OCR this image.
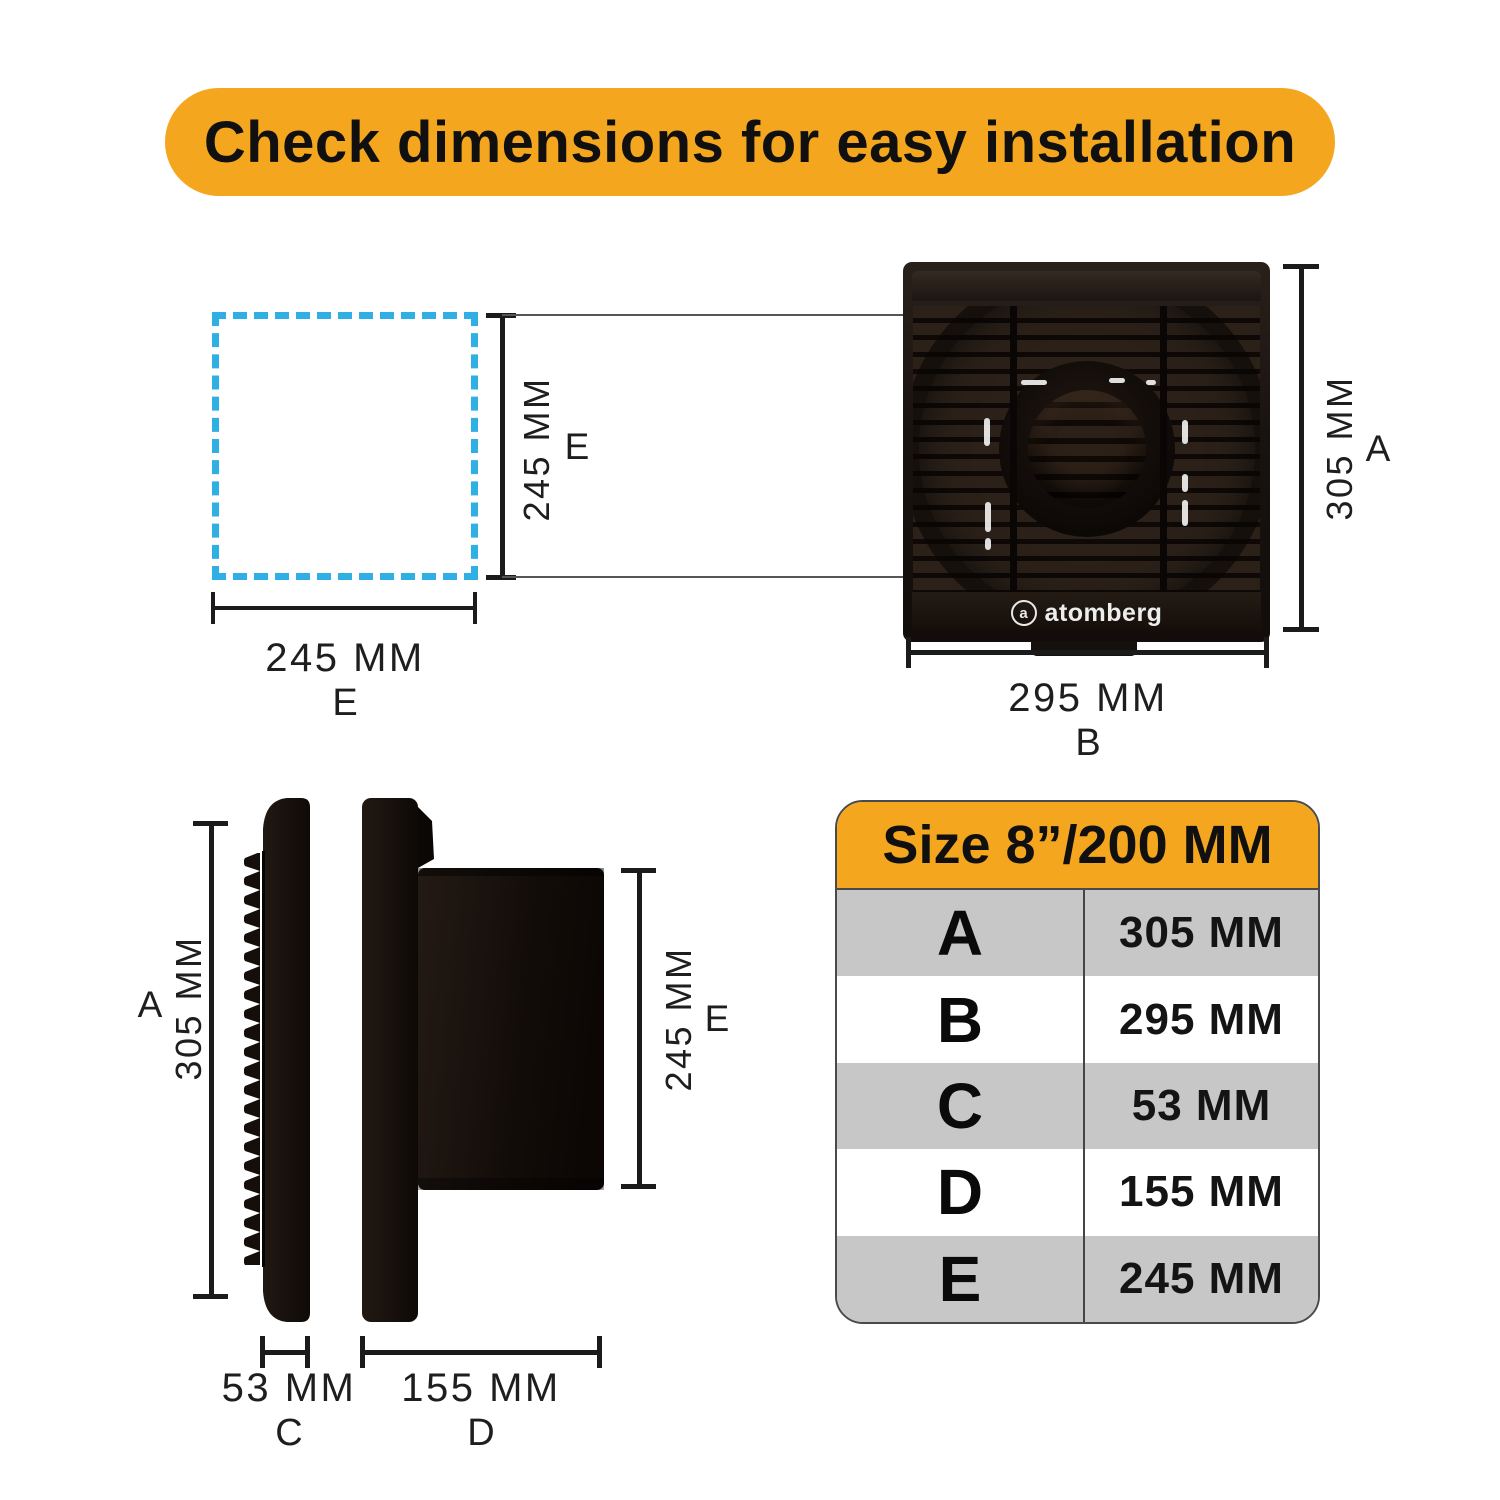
Check dimensions for easy installation
245 MM E
245 MM
E
a atomberg
305 MM A
295 MM
B
A 305 MM
53 MM
C
245 MM E
155 MM
D
Size 8”/200 MM
A	305 MM
B	295 MM
C	53 MM
D	155 MM
E	245 MM
